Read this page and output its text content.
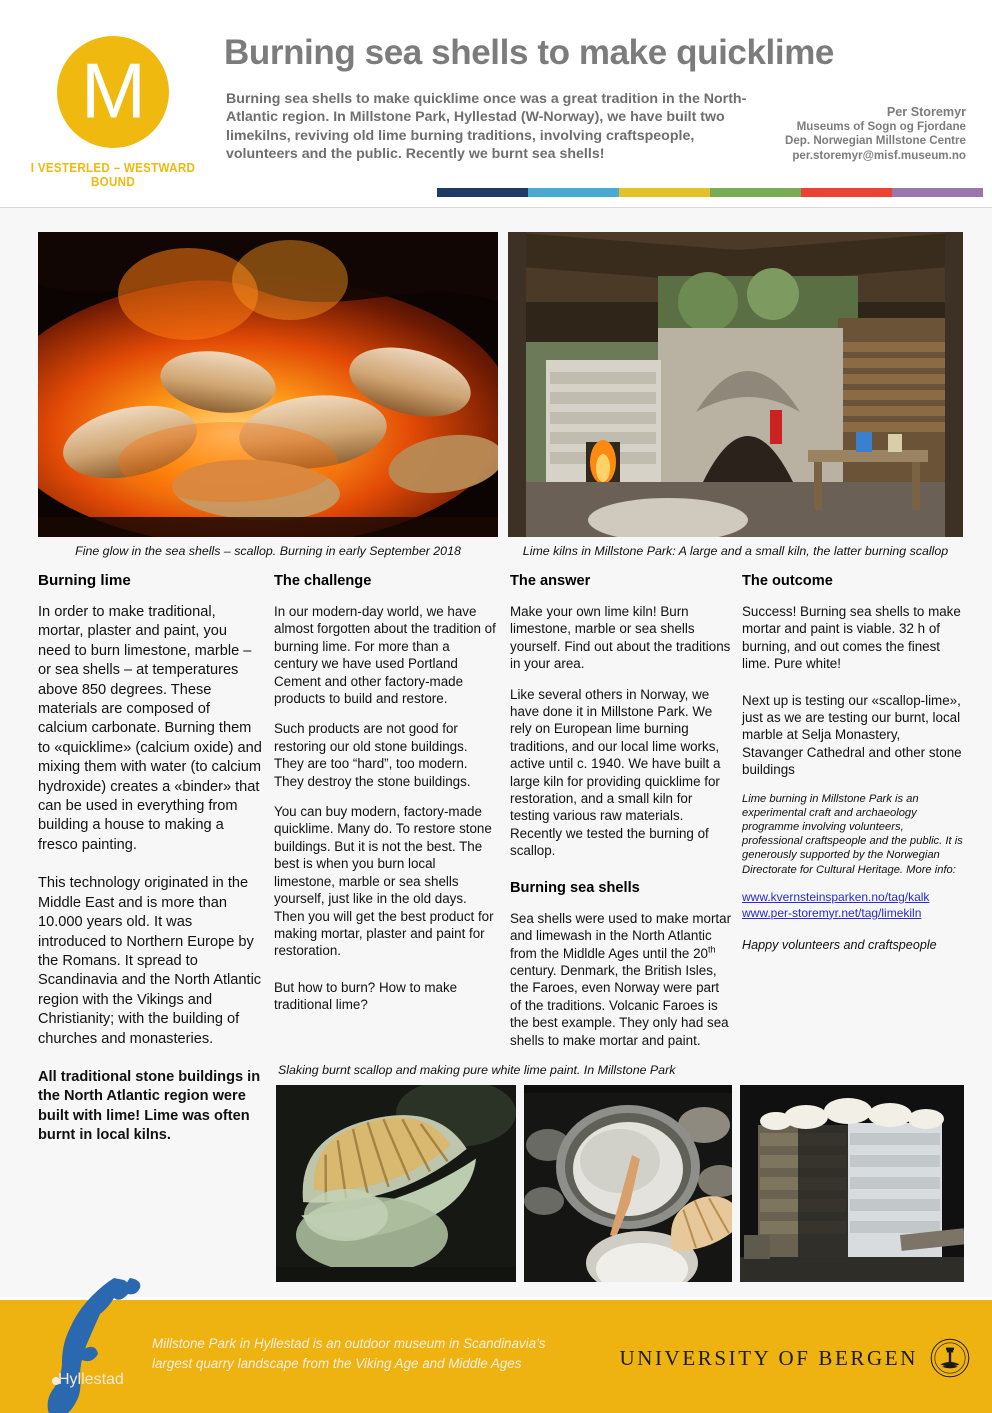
M
I VESTERLED – WESTWARD BOUND
Burning sea shells to make quicklime
Burning sea shells to make quicklime once was a great tradition in the North-Atlantic region. In Millstone Park, Hyllestad (W-Norway), we have built two limekilns, reviving old lime burning traditions, involving craftspeople, volunteers and the public. Recently we burnt sea shells!
Per Storemyr
Museums of Sogn og Fjordane
Dep. Norwegian Millstone Centre
per.storemyr@misf.museum.no
Fine glow in the sea shells – scallop. Burning in early September 2018	Lime kilns in Millstone Park: A large and a small kiln, the latter burning scallop
Burning lime

In order to make traditional, mortar, plaster and paint, you need to burn limestone, marble – or sea shells – at temperatures above 850 degrees. These materials are composed of calcium carbonate. Burning them to «quicklime» (calcium oxide) and mixing them with water (to calcium hydroxide) creates a «binder» that can be used in everything from building a house to making a fresco painting.

This technology originated in the Middle East and is more than 10.000 years old. It was introduced to Northern Europe by the Romans. It spread to Scandinavia and the North Atlantic region with the Vikings and Christianity; with the building of churches and monasteries.

All traditional stone buildings in the North Atlantic region were built with lime! Lime was often burnt in local kilns.

The challenge

In our modern-day world, we have almost forgotten about the tradition of burning lime. For more than a century we have used Portland Cement and other factory-made products to build and restore.

Such products are not good for restoring our old stone buildings. They are too “hard”, too modern. They destroy the stone buildings.

You can buy modern, factory-made quicklime. Many do. To restore stone buildings. But it is not the best. The best is when you burn local limestone, marble or sea shells yourself, just like in the old days. Then you will get the best product for making mortar, plaster and paint for restoration.

But how to burn? How to make traditional lime?

The answer

Make your own lime kiln! Burn limestone, marble or sea shells yourself. Find out about the traditions in your area.

Like several others in Norway, we have done it in Millstone Park. We rely on European lime burning traditions, and our local lime works, active until c. 1940. We have built a large kiln for providing quicklime for restoration, and a small kiln for testing various raw materials. Recently we tested the burning of scallop.

Burning sea shells

Sea shells were used to make mortar and limewash in the North Atlantic from the Midldle Ages until the 20th century. Denmark, the British Isles, the Faroes, even Norway were part of the traditions. Volcanic Faroes is the best example. They only had sea shells to make mortar and paint.

The outcome

Success! Burning sea shells to make mortar and paint is viable. 32 h of burning, and out comes the finest lime. Pure white!

Next up is testing our «scallop-lime», just as we are testing our burnt, local marble at Selja Monastery, Stavanger Cathedral and other stone buildings

Lime burning in Millstone Park is an experimental craft and archaeology programme involving volunteers, professional craftspeople and the public. It is generously supported by the Norwegian Directorate for Cultural Heritage. More info:

www.kvernsteinsparken.no/tag/kalk
www.per-storemyr.net/tag/limekiln
Happy volunteers and craftspeople
Slaking burnt scallop and making pure white lime paint. In Millstone Park
Millstone Park in Hyllestad is an outdoor museum in Scandinavia’s largest quarry landscape from the Viking Age and Middle Ages	UNIVERSITY OF BERGEN
Hyllestad
